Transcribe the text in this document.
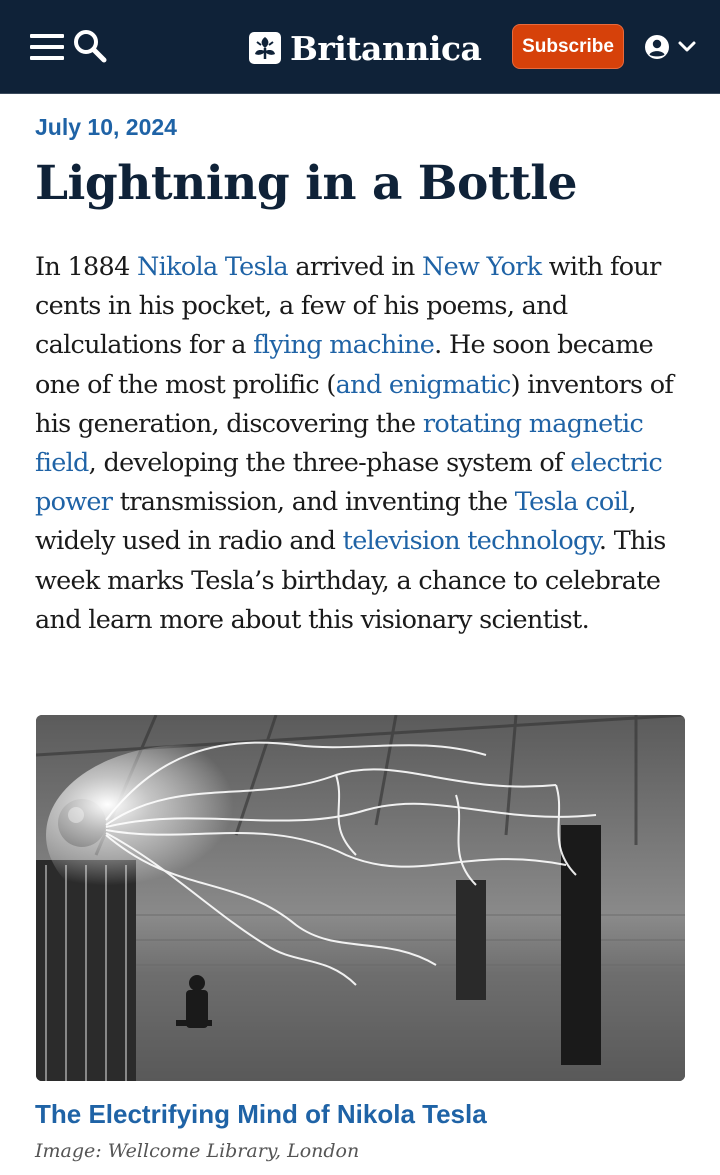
Britannica	Subscribe
July 10, 2024
Lightning in a Bottle

In 1884 Nikola Tesla arrived in New York with four cents in his pocket, a few of his poems, and calculations for a flying machine. He soon became one of the most prolific (and enigmatic) inventors of his generation, discovering the rotating magnetic field, developing the three-phase system of electric power transmission, and inventing the Tesla coil, widely used in radio and television technology. This week marks Tesla’s birthday, a chance to celebrate and learn more about this visionary scientist.

The Electrifying Mind of Nikola Tesla
Image: Wellcome Library, London
